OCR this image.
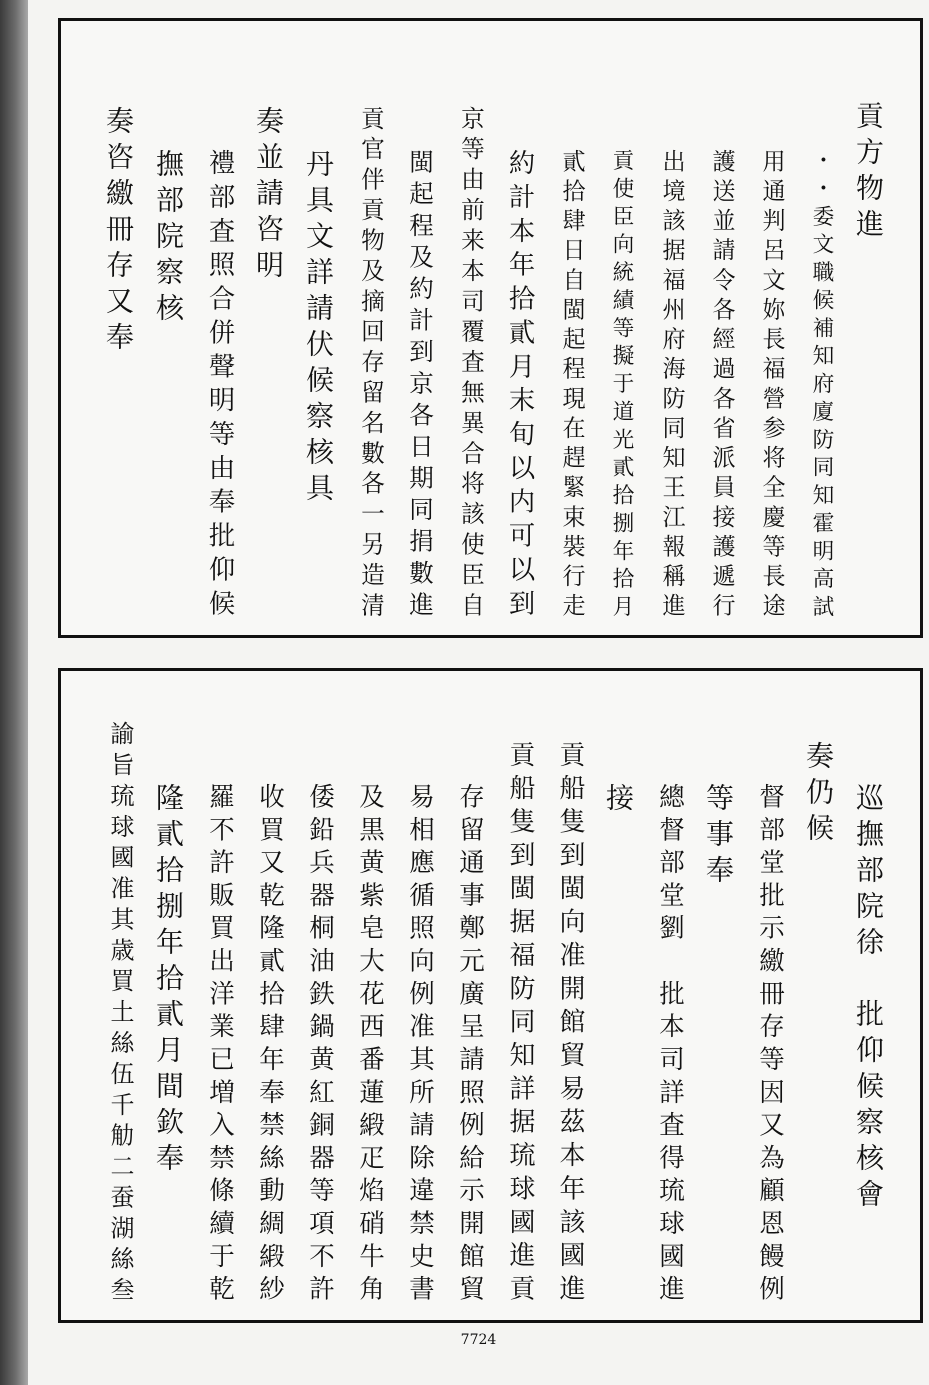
貢方物進
・・委文職候補知府廈防同知霍明高試
用通判呂文妳長福營参将全慶等長途
護送並請令各經過各省派員接護遞行
出境該据福州府海防同知王江報稱進
貢使臣向統績等擬于道光貳拾捌年拾月
貳拾肆日自閩起程現在趕緊束裝行走
約計本年拾貳月末旬以内可以到
京等由前来本司覆査無異合将該使臣自
閩起程及約計到京各日期同捐數進
貢官伴貢物及摘回存留名數各一另造清
丹具文詳請伏候察核具
奏並請咨明
禮部査照合併聲明等由奉批仰候
撫部院察核
奏咨繳冊存又奉
巡撫部院徐　批仰候察核會
奏仍候
督部堂批示繳冊存等因又為顧恩饅例
等事奉
總督部堂劉　批本司詳査得琉球國進
接
貢船隻到閩向准開館貿易茲本年該國進
貢船隻到閩据福防同知詳据琉球國進貢
存留通事鄭元廣呈請照例給示開館貿
易相應循照向例准其所請除違禁史書
及黒黄紫皂大花西番蓮緞疋焰硝牛角
倭鉛兵器桐油鉄鍋黄紅銅器等項不許
收買又乾隆貳拾肆年奉禁絲動綢緞紗
羅不許販買出洋業已増入禁條續于乾
隆貳拾捌年拾貳月間欽奉
諭旨琉球國准其歳買土絲伍千觔二蚕湖絲叁
7724
